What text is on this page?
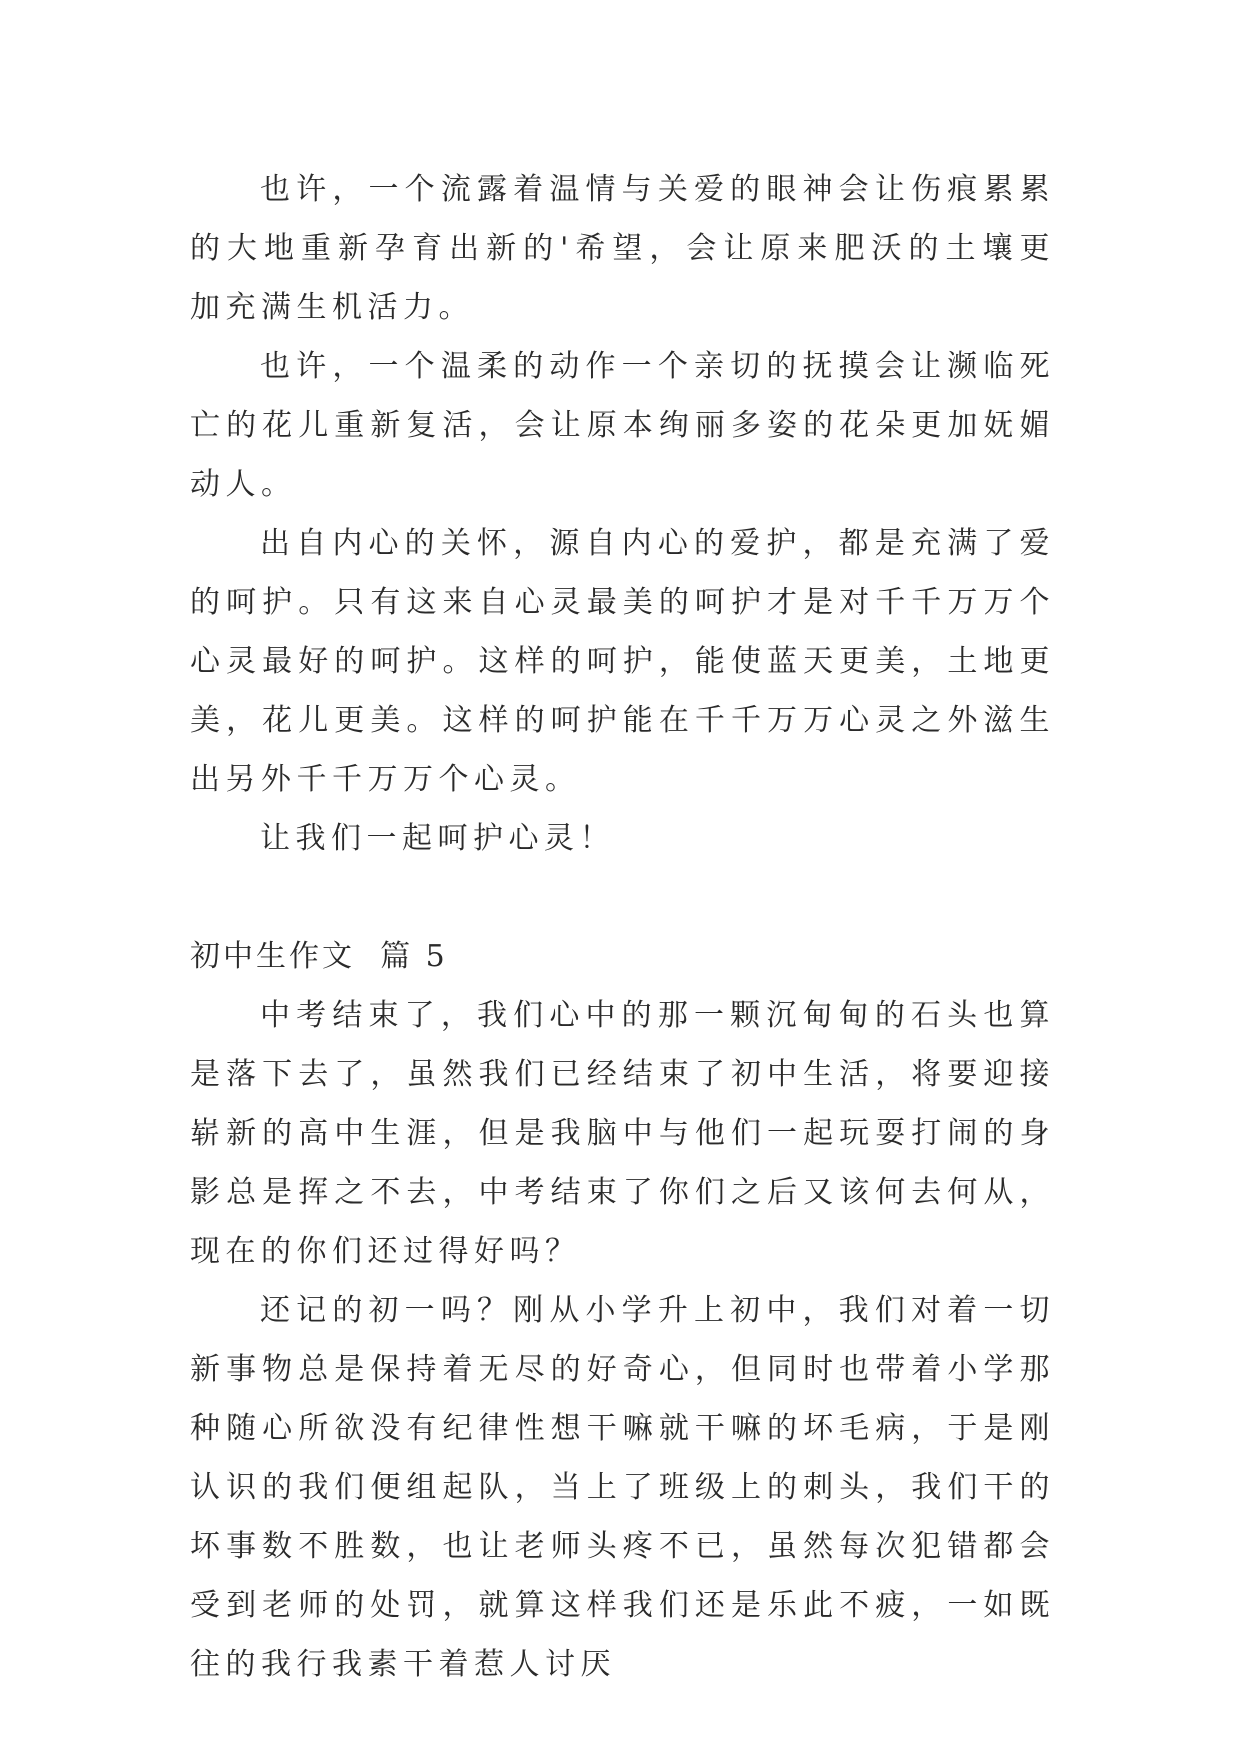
也许，一个流露着温情与关爱的眼神会让伤痕累累的大地重新孕育出新的'希望，会让原来肥沃的土壤更加充满生机活力。

也许，一个温柔的动作一个亲切的抚摸会让濒临死亡的花儿重新复活，会让原本绚丽多姿的花朵更加妩媚动人。

出自内心的关怀，源自内心的爱护，都是充满了爱的呵护。只有这来自心灵最美的呵护才是对千千万万个心灵最好的呵护。这样的呵护，能使蓝天更美，土地更美，花儿更美。这样的呵护能在千千万万心灵之外滋生出另外千千万万个心灵。

让我们一起呵护心灵！

初中生作文  篇 5

中考结束了，我们心中的那一颗沉甸甸的石头也算是落下去了，虽然我们已经结束了初中生活，将要迎接崭新的高中生涯，但是我脑中与他们一起玩耍打闹的身影总是挥之不去，中考结束了你们之后又该何去何从，现在的你们还过得好吗？

还记的初一吗？刚从小学升上初中，我们对着一切新事物总是保持着无尽的好奇心，但同时也带着小学那种随心所欲没有纪律性想干嘛就干嘛的坏毛病，于是刚认识的我们便组起队，当上了班级上的刺头，我们干的坏事数不胜数，也让老师头疼不已，虽然每次犯错都会受到老师的处罚，就算这样我们还是乐此不疲，一如既往的我行我素干着惹人讨厌
